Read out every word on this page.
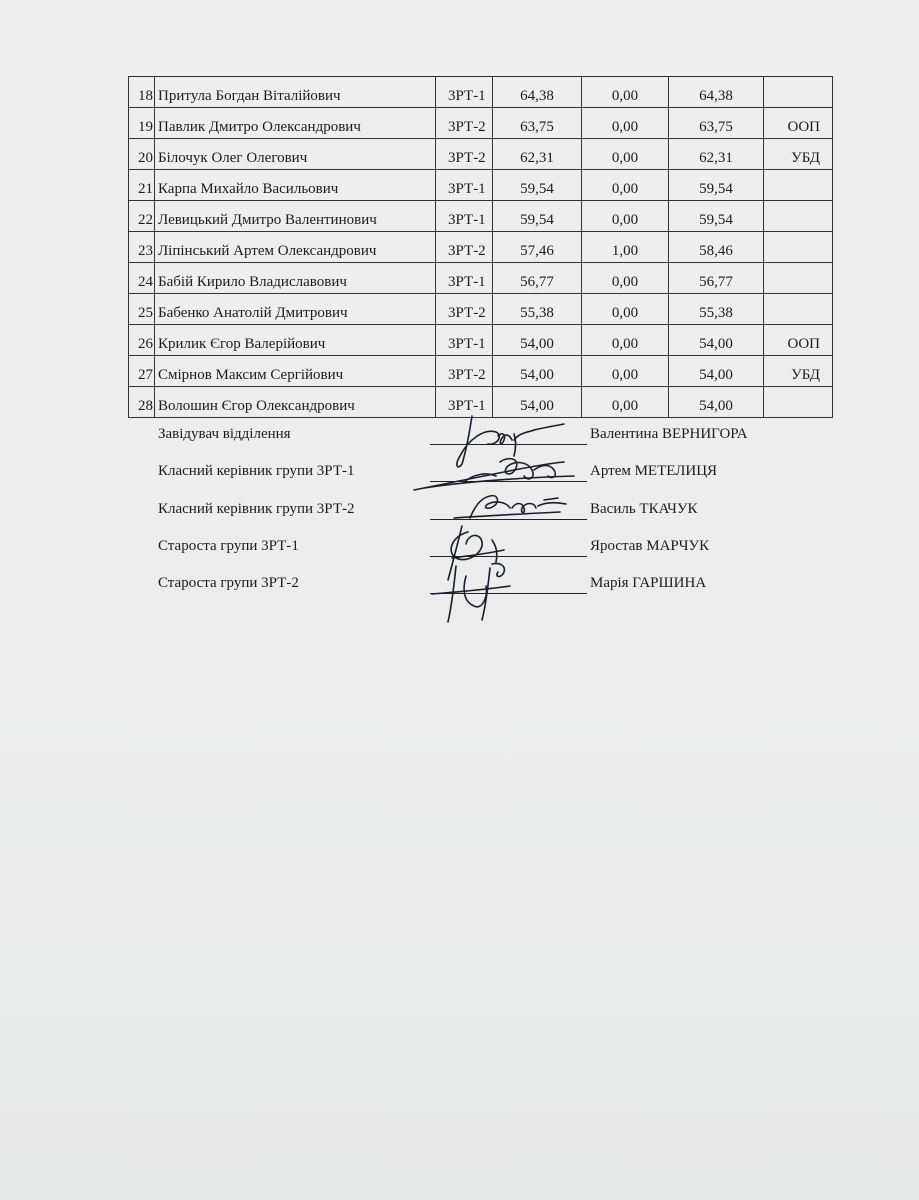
18	Притула Богдан Віталійович	3РТ-1	64,38	0,00	64,38	

19	Павлик Дмитро Олександрович	3РТ-2	63,75	0,00	63,75	ООП

20	Білочук Олег Олегович	3РТ-2	62,31	0,00	62,31	УБД

21	Карпа Михайло Васильович	3РТ-1	59,54	0,00	59,54	

22	Левицький Дмитро Валентинович	3РТ-1	59,54	0,00	59,54	

23	Ліпінський Артем Олександрович	3РТ-2	57,46	1,00	58,46	

24	Бабій Кирило Владиславович	3РТ-1	56,77	0,00	56,77	

25	Бабенко Анатолій Дмитрович	3РТ-2	55,38	0,00	55,38	

26	Крилик Єгор Валерійович	3РТ-1	54,00	0,00	54,00	ООП

27	Смірнов Максим Сергійович	3РТ-2	54,00	0,00	54,00	УБД

28	Волошин Єгор Олександрович	3РТ-1	54,00	0,00	54,00	

Завідувач відділення	Валентина ВЕРНИГОРА
Класний керівник групи 3РТ-1	Артем МЕТЕЛИЦЯ
Класний керівник групи 3РТ-2	Василь ТКАЧУК
Староста групи 3РТ-1	Яростав МАРЧУК
Староста групи 3РТ-2	Марія ГАРШИНА
